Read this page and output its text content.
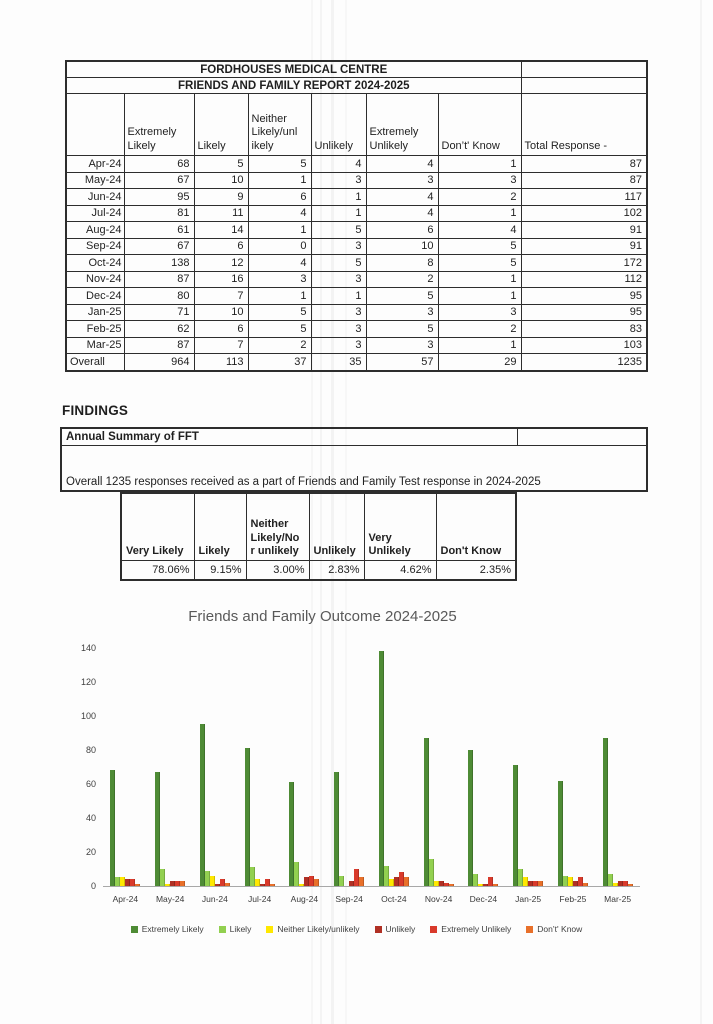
FORDHOUSES MEDICAL CENTRE							
FRIENDS AND FAMILY REPORT 2024-2025							
	Extremely Likely	Likely	Neither Likely/unl ikely	Unlikely	Extremely Unlikely	Don’t' Know	Total Response -
Apr-24	68	5	5	4	4	1	87
May-24	67	10	1	3	3	3	87
Jun-24	95	9	6	1	4	2	117
Jul-24	81	11	4	1	4	1	102
Aug-24	61	14	1	5	6	4	91
Sep-24	67	6	0	3	10	5	91
Oct-24	138	12	4	5	8	5	172
Nov-24	87	16	3	3	2	1	112
Dec-24	80	7	1	1	5	1	95
Jan-25	71	10	5	3	3	3	95
Feb-25	62	6	5	3	5	2	83
Mar-25	87	7	2	3	3	1	103
Overall	964	113	37	35	57	29	1235
FINDINGS
Annual Summary of FFT	
Overall 1235 responses received as a part of Friends and Family Test response in 2024-2025
Very Likely	Likely	Neither Likely/No r unlikely	Unlikely	Very Unlikely	Don't Know
78.06%	9.15%	3.00%	2.83%	4.62%	2.35%
Friends and Family Outcome 2024-2025
Extremely Likely	Likely	Neither Likely/unlikely	Unlikely	Extremely Unlikely	Don’t' Know
0
20
40
60
80
100
120
140
Apr-24	May-24	Jun-24	Jul-24	Aug-24	Sep-24	Oct-24	Nov-24	Dec-24	Jan-25	Feb-25	Mar-25
